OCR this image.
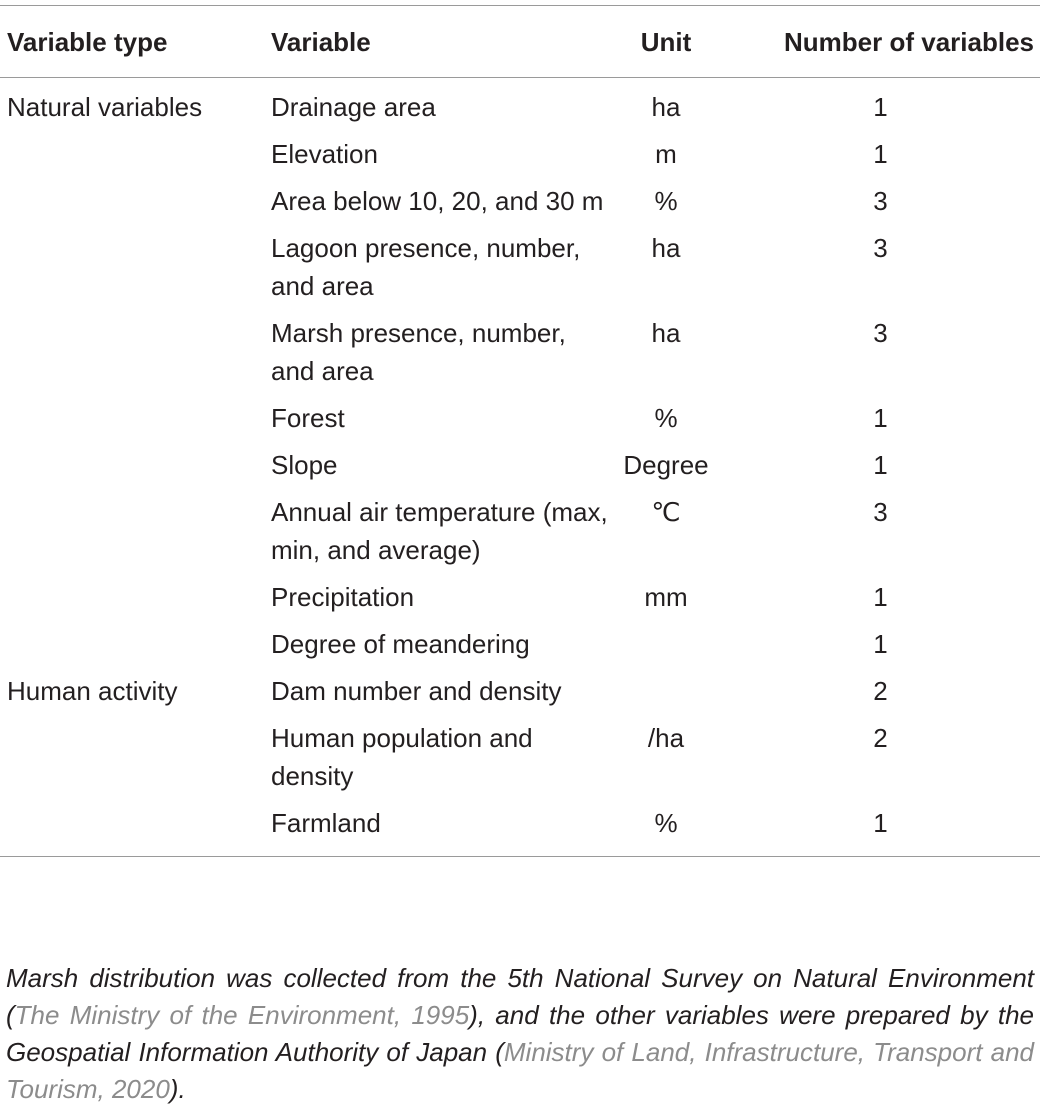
Variable type	Variable	Unit	Number of variables
Natural variables	Drainage area	ha	1
	Elevation	m	1
	Area below 10, 20, and 30 m	%	3
	Lagoon presence, number, and area	ha	3
	Marsh presence, number, and area	ha	3
	Forest	%	1
	Slope	Degree	1
	Annual air temperature (max, min, and average)	℃	3
	Precipitation	mm	1
	Degree of meandering		1
Human activity	Dam number and density		2
	Human population and density	/ha	2
	Farmland	%	1

Marsh distribution was collected from the 5th National Survey on Natural Environment (The Ministry of the Environment, 1995), and the other variables were prepared by the Geospatial Information Authority of Japan (Ministry of Land, Infrastructure, Transport and Tourism, 2020).
